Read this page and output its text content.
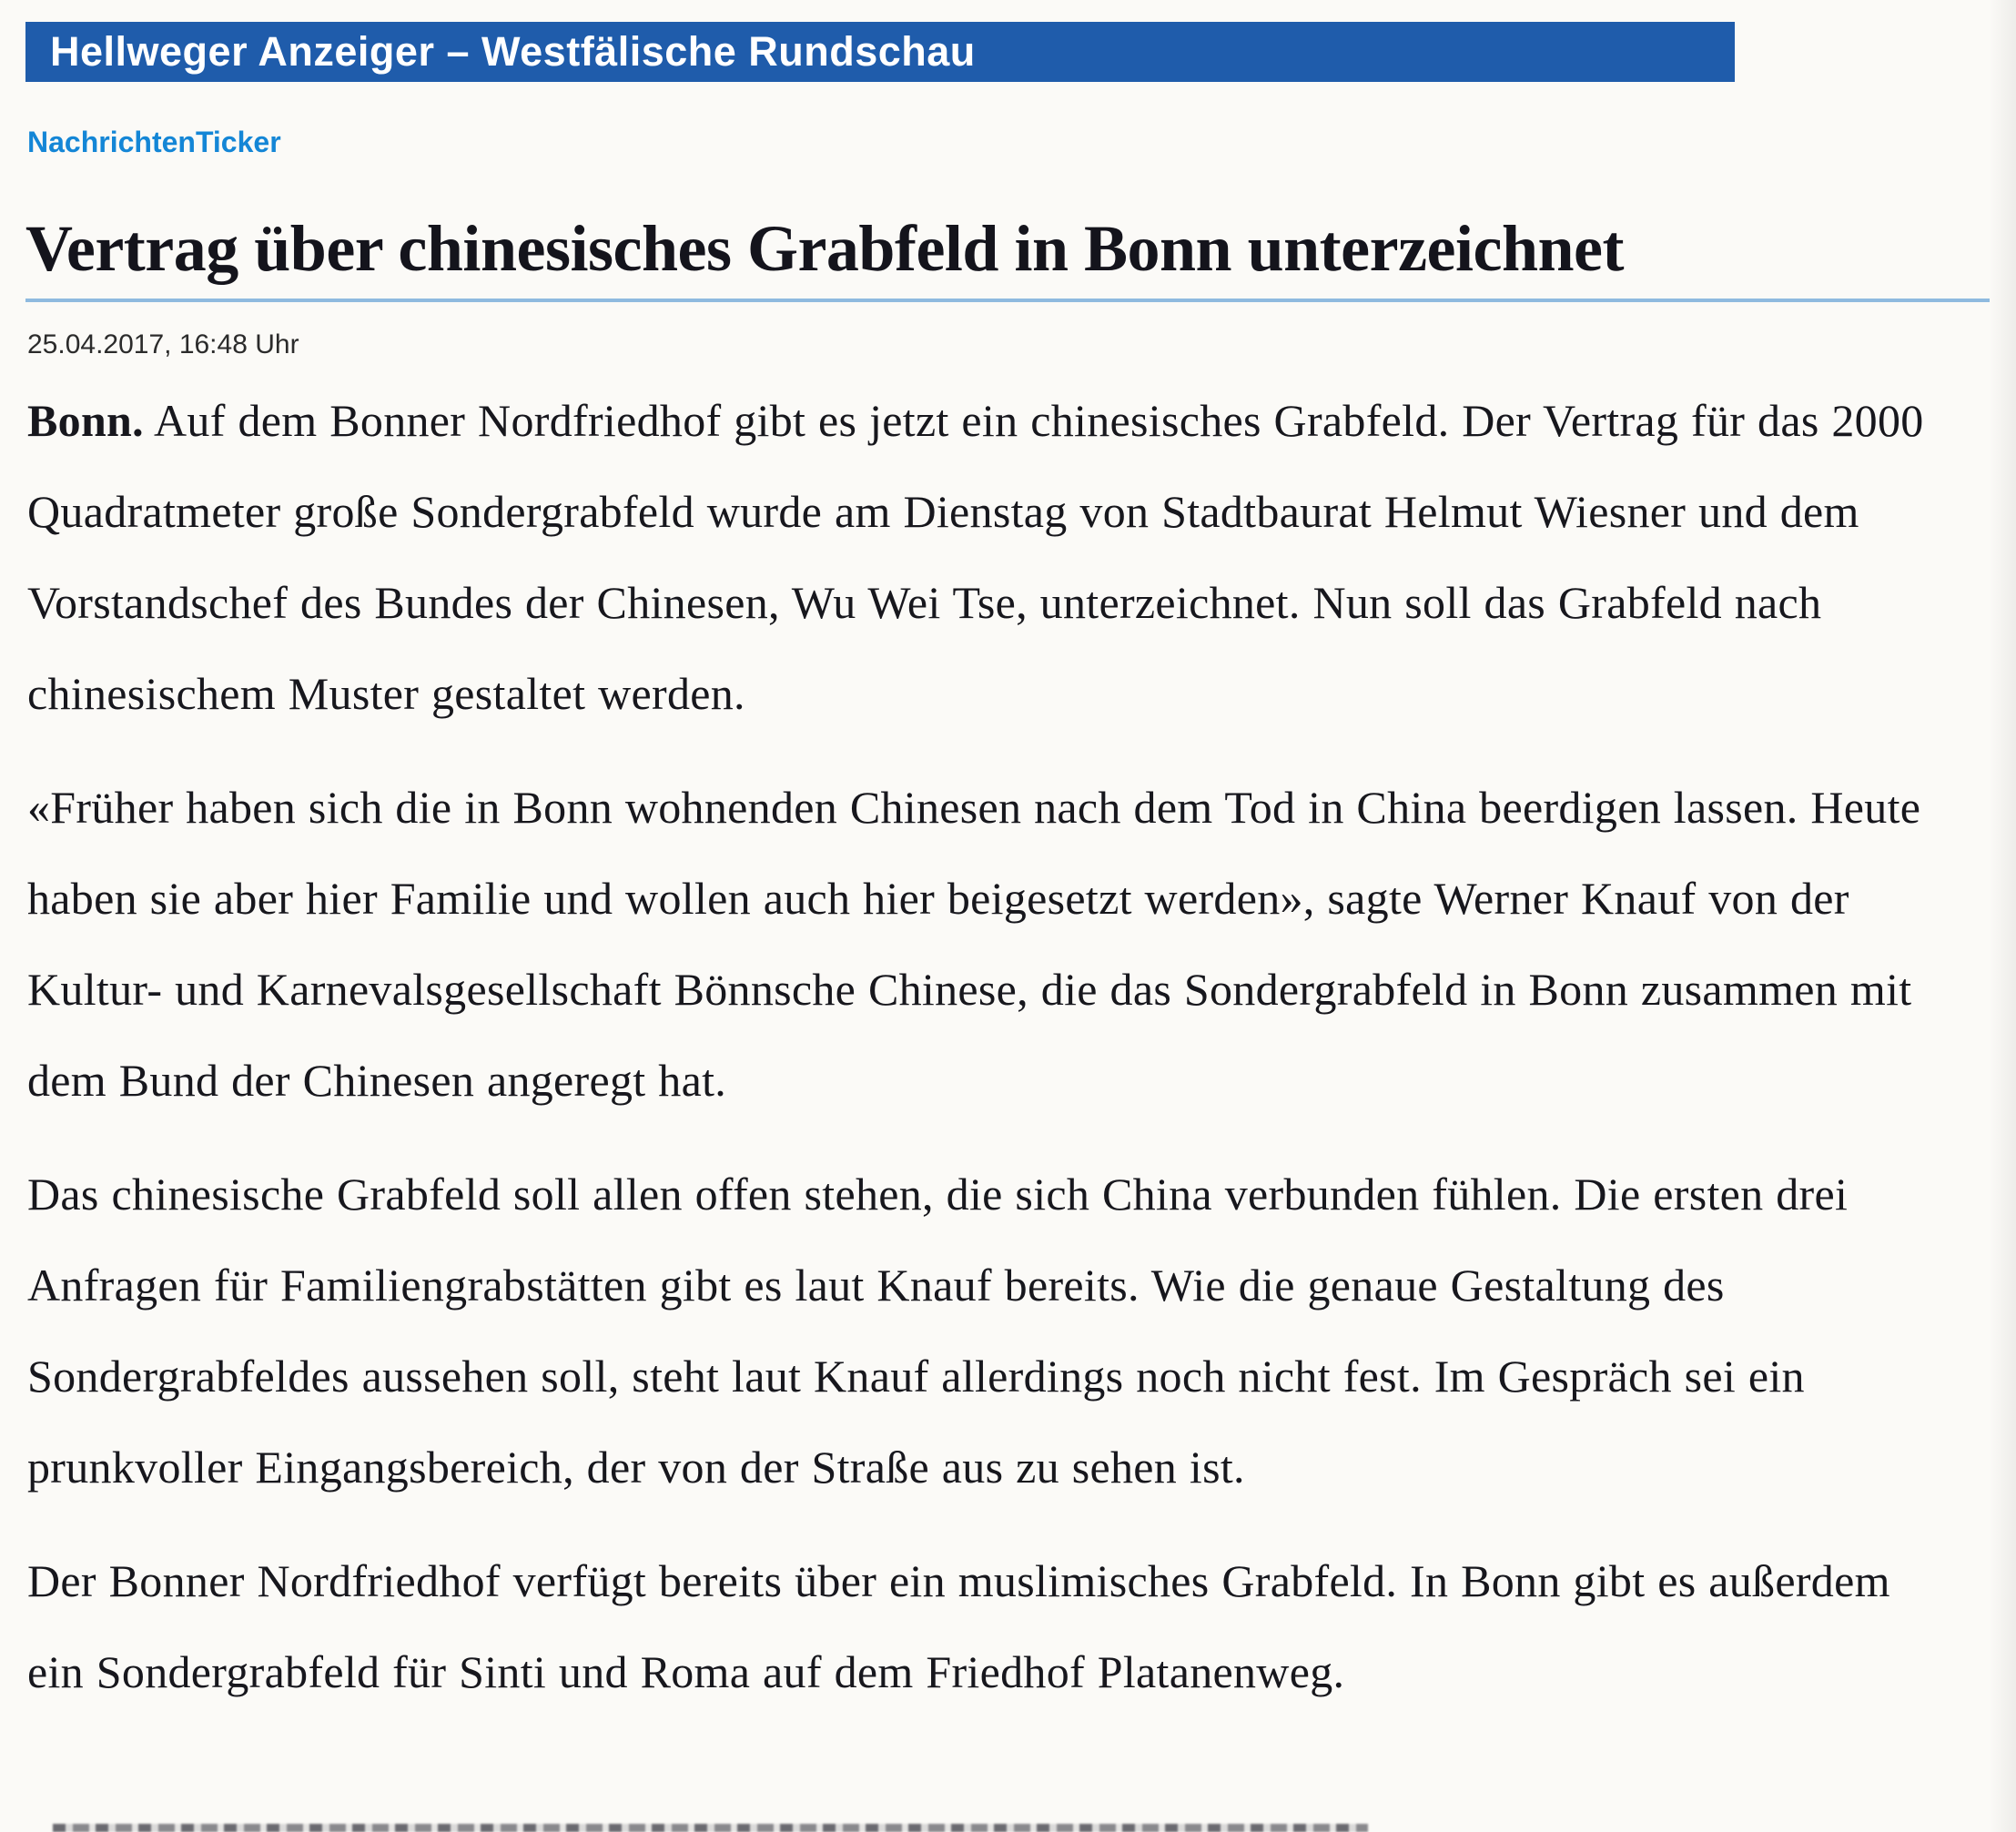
Hellweger Anzeiger – Westfälische Rundschau
NachrichtenTicker
Vertrag über chinesisches Grabfeld in Bonn unterzeichnet
25.04.2017, 16:48 Uhr

Bonn. Auf dem Bonner Nordfriedhof gibt es jetzt ein chinesisches Grabfeld. Der Vertrag für das 2000 Quadratmeter große Sondergrabfeld wurde am Dienstag von Stadtbaurat Helmut Wiesner und dem Vorstandschef des Bundes der Chinesen, Wu Wei Tse, unterzeichnet. Nun soll das Grabfeld nach chinesischem Muster gestaltet werden.

«Früher haben sich die in Bonn wohnenden Chinesen nach dem Tod in China beerdigen lassen. Heute haben sie aber hier Familie und wollen auch hier beigesetzt werden», sagte Werner Knauf von der Kultur- und Karnevalsgesellschaft Bönnsche Chinese, die das Sondergrabfeld in Bonn zusammen mit dem Bund der Chinesen angeregt hat.

Das chinesische Grabfeld soll allen offen stehen, die sich China verbunden fühlen. Die ersten drei Anfragen für Familiengrabstätten gibt es laut Knauf bereits. Wie die genaue Gestaltung des Sondergrabfeldes aussehen soll, steht laut Knauf allerdings noch nicht fest. Im Gespräch sei ein prunkvoller Eingangsbereich, der von der Straße aus zu sehen ist.

Der Bonner Nordfriedhof verfügt bereits über ein muslimisches Grabfeld. In Bonn gibt es außerdem ein Sondergrabfeld für Sinti und Roma auf dem Friedhof Platanenweg.
